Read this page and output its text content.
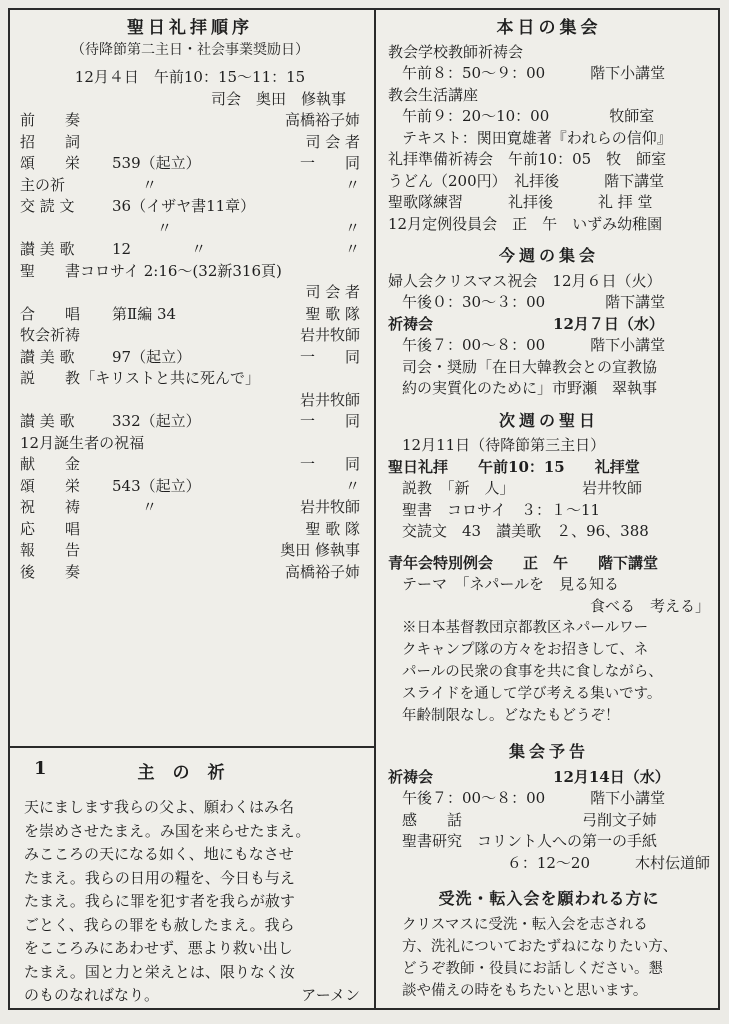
聖日礼拝順序

（待降節第二主日・社会事業奨励日）

12月４日　午前10：15～11：15
司会　奥田　修執事
前　　奏	高橋裕子姉
招　　詞	司 会 者
頌　　栄	539（起立）	一　　同
主の祈	　　〃	〃
交 読 文	36（イザヤ書11章）
　　　〃	〃
讃 美 歌	12　　　　〃	〃
聖　　書 コロサイ 2:16～(32新316頁)
司 会 者
合　　唱	第Ⅱ編 34	聖 歌 隊
牧会祈祷	岩井牧師
讃 美 歌	97（起立）	一　　同
説　　教 「キリストと共に死んで」
岩井牧師
讃 美 歌	332（起立）	一　　同
12月誕生者の祝福
献　　金	一　　同
頌　　栄	543（起立）	〃
祝　　祷	　　〃	岩井牧師
応　　唱	聖 歌 隊
報　　告	奥田 修執事
後　　奏	高橋裕子姉
1	主の祈
天にまします我らの父よ、願わくはみ名
を崇めさせたまえ。み国を来らせたまえ。
みこころの天になる如く、地にもなさせ
たまえ。我らの日用の糧を、今日も与え
たまえ。我らに罪を犯す者を我らが赦す
ごとく、我らの罪をも赦したまえ。我ら
をこころみにあわせず、悪より救い出し
たまえ。国と力と栄えとは、限りなく汝
のものなればなり。	アーメン

本日の集会

教会学校教師祈祷会
午前８：50～９：00　　　階下小講堂
教会生活講座
午前９：20～10：00　　　　牧師室
テキスト：関田寛雄著『われらの信仰』
礼拝準備祈祷会　午前10：05　牧　師室
うどん（200円）　礼拝後　　　階下講堂
聖歌隊練習　　　礼拝後　　　礼 拝 堂
12月定例役員会　正　午　いずみ幼稚園
今週の集会
婦人会クリスマス祝会　12月６日（火）
午後０：30～３：00　　　　階下講堂
祈祷会　　　　　　　　12月７日（水）
午後７：00～８：00　　　階下小講堂
司会・奨励「在日大韓教会との宣教協
約の実質化のために」市野瀬　翠執事
次週の聖日
12月11日（待降節第三主日）
聖日礼拝　　午前10：15　　礼拝堂
説教　「新　人」　　　　　岩井牧師
聖書　コロサイ　３：１～11
交読文　43　讃美歌　２、96、388
青年会特別例会　　正　午　　階下講堂
テーマ　「ネパールを　見る知る
食べる　考える」
※日本基督教団京都教区ネパールワー
クキャンプ隊の方々をお招きして、ネ
パールの民衆の食事を共に食しながら、
スライドを通して学び考える集いです。
年齢制限なし。どなたもどうぞ！
集会予告
祈祷会　　　　　　　　12月14日（水）
午後７：00～８：00　　　階下小講堂
感　　話　　　　　　　　弓削文子姉
聖書研究　コリント人への第一の手紙
６：12～20　　　木村伝道師
受洗・転入会を願われる方に
クリスマスに受洗・転入会を志される
方、洗礼についておたずねになりたい方、
どうぞ教師・役員にお話しください。懇
談や備えの時をもちたいと思います。
